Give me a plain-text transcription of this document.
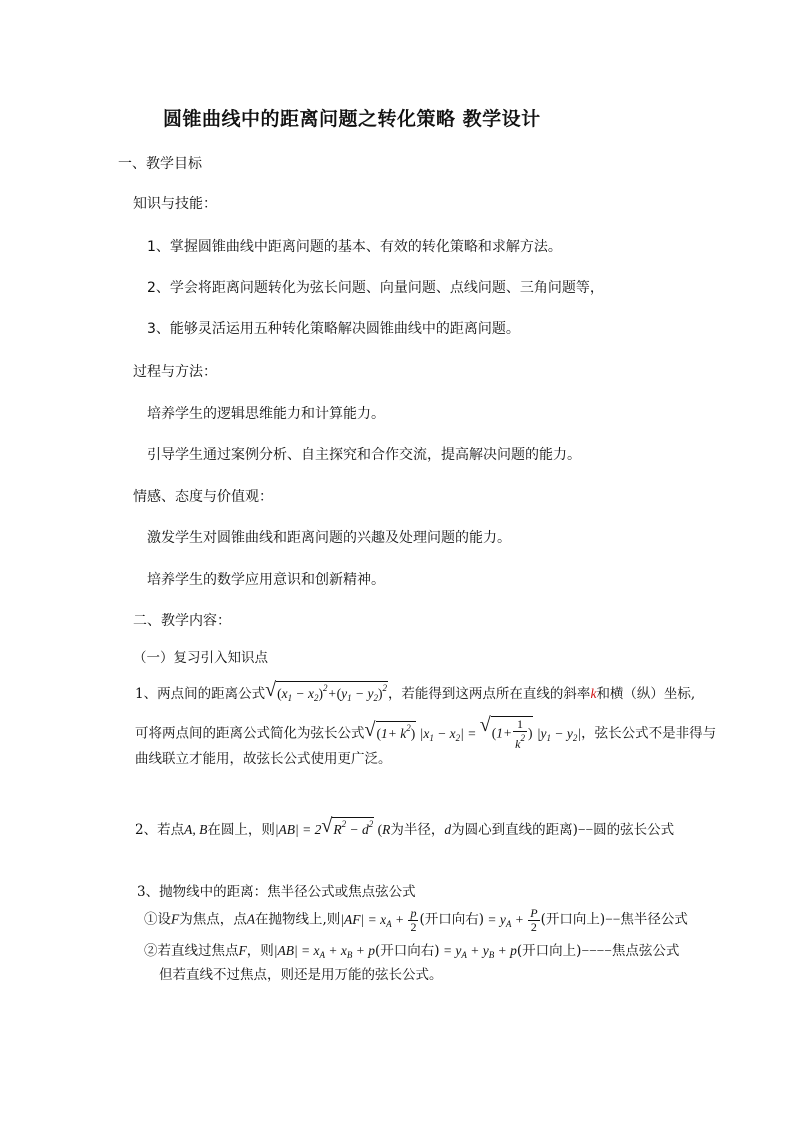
圆锥曲线中的距离问题之转化策略 教学设计
一、教学目标
知识与技能：
1、掌握圆锥曲线中距离问题的基本、有效的转化策略和求解方法。
2、学会将距离问题转化为弦长问题、向量问题、点线问题、三角问题等，
3、能够灵活运用五种转化策略解决圆锥曲线中的距离问题。
过程与方法：
培养学生的逻辑思维能力和计算能力。
引导学生通过案例分析、自主探究和合作交流，提高解决问题的能力。
情感、态度与价值观：
激发学生对圆锥曲线和距离问题的兴趣及处理问题的能力。
培养学生的数学应用意识和创新精神。
二、教学内容：
（一）复习引入知识点
1、两点间的距离公式 √ $(x_1 - x_2)^2+(y_1 - y_2)^2$，若能得到这两点所在直线的斜率k和横（纵）坐标,
可将两点间的距离公式简化为弦长公式 √ $(1+ k^2)$ $|x_1 - x_2|$ = √ ($1+ \frac{1}{k^2}$ ) $|y_1 - y_2|$，弦长公式不是非得与
曲线联立才能用，故弦长公式使用更广泛。
2、若点A, B在圆上，则|AB| = 2 √ $R^2 - d^2$ (R为半径，d为圆心到直线的距离)−−圆的弦长公式
3、抛物线中的距离：焦半径公式或焦点弦公式
①设F为焦点，点A在抛物线上,则$|AF| = x_A + \frac{p}{2}$ (开口向右) = $y_A + \frac{P}{2}$ (开口向上)−−焦半径公式
②若直线过焦点F，则$|AB| = x_A + x_B + p$(开口向右) = $y_A + y_B + p$(开口向上)−−−−焦点弦公式
但若直线不过焦点，则还是用万能的弦长公式。
